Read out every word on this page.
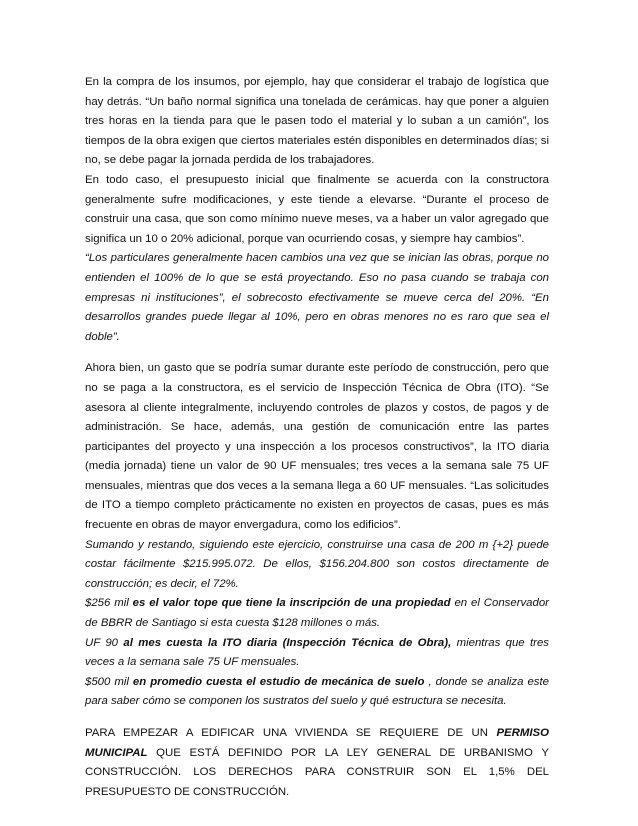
En la compra de los insumos, por ejemplo, hay que considerar el trabajo de logística que hay detrás. “Un baño normal significa una tonelada de cerámicas. hay que poner a alguien tres horas en la tienda para que le pasen todo el material y lo suban a un camión”, los tiempos de la obra exigen que ciertos materiales estén disponibles en determinados días; si no, se debe pagar la jornada perdida de los trabajadores.

En todo caso, el presupuesto inicial que finalmente se acuerda con la constructora generalmente sufre modificaciones, y este tiende a elevarse. “Durante el proceso de construir una casa, que son como mínimo nueve meses, va a haber un valor agregado que significa un 10 o 20% adicional, porque van ocurriendo cosas, y siempre hay cambios”.

“Los particulares generalmente hacen cambios una vez que se inician las obras, porque no entienden el 100% de lo que se está proyectando. Eso no pasa cuando se trabaja con empresas ni instituciones”, el sobrecosto efectivamente se mueve cerca del 20%. “En desarrollos grandes puede llegar al 10%, pero en obras menores no es raro que sea el doble”.

Ahora bien, un gasto que se podría sumar durante este período de construcción, pero que no se paga a la constructora, es el servicio de Inspección Técnica de Obra (ITO). “Se asesora al cliente integralmente, incluyendo controles de plazos y costos, de pagos y de administración. Se hace, además, una gestión de comunicación entre las partes participantes del proyecto y una inspección a los procesos constructivos”, la ITO diaria (media jornada) tiene un valor de 90 UF mensuales; tres veces a la semana sale 75 UF mensuales, mientras que dos veces a la semana llega a 60 UF mensuales. “Las solicitudes de ITO a tiempo completo prácticamente no existen en proyectos de casas, pues es más frecuente en obras de mayor envergadura, como los edificios”.

Sumando y restando, siguiendo este ejercicio, construirse una casa de 200 m {+2} puede costar fácilmente $215.995.072. De ellos, $156.204.800 son costos directamente de construcción; es decir, el 72%.

$256 mil es el valor tope que tiene la inscripción de una propiedad en el Conservador de BBRR de Santiago si esta cuesta $128 millones o más.

UF 90 al mes cuesta la ITO diaria (Inspección Técnica de Obra), mientras que tres veces a la semana sale 75 UF mensuales.

$500 mil en promedio cuesta el estudio de mecánica de suelo , donde se analiza este para saber cómo se componen los sustratos del suelo y qué estructura se necesita.

PARA EMPEZAR A EDIFICAR UNA VIVIENDA SE REQUIERE DE UN PERMISO MUNICIPAL QUE ESTÁ DEFINIDO POR LA LEY GENERAL DE URBANISMO Y CONSTRUCCIÓN. LOS DERECHOS PARA CONSTRUIR SON EL 1,5% DEL PRESUPUESTO DE CONSTRUCCIÓN.
